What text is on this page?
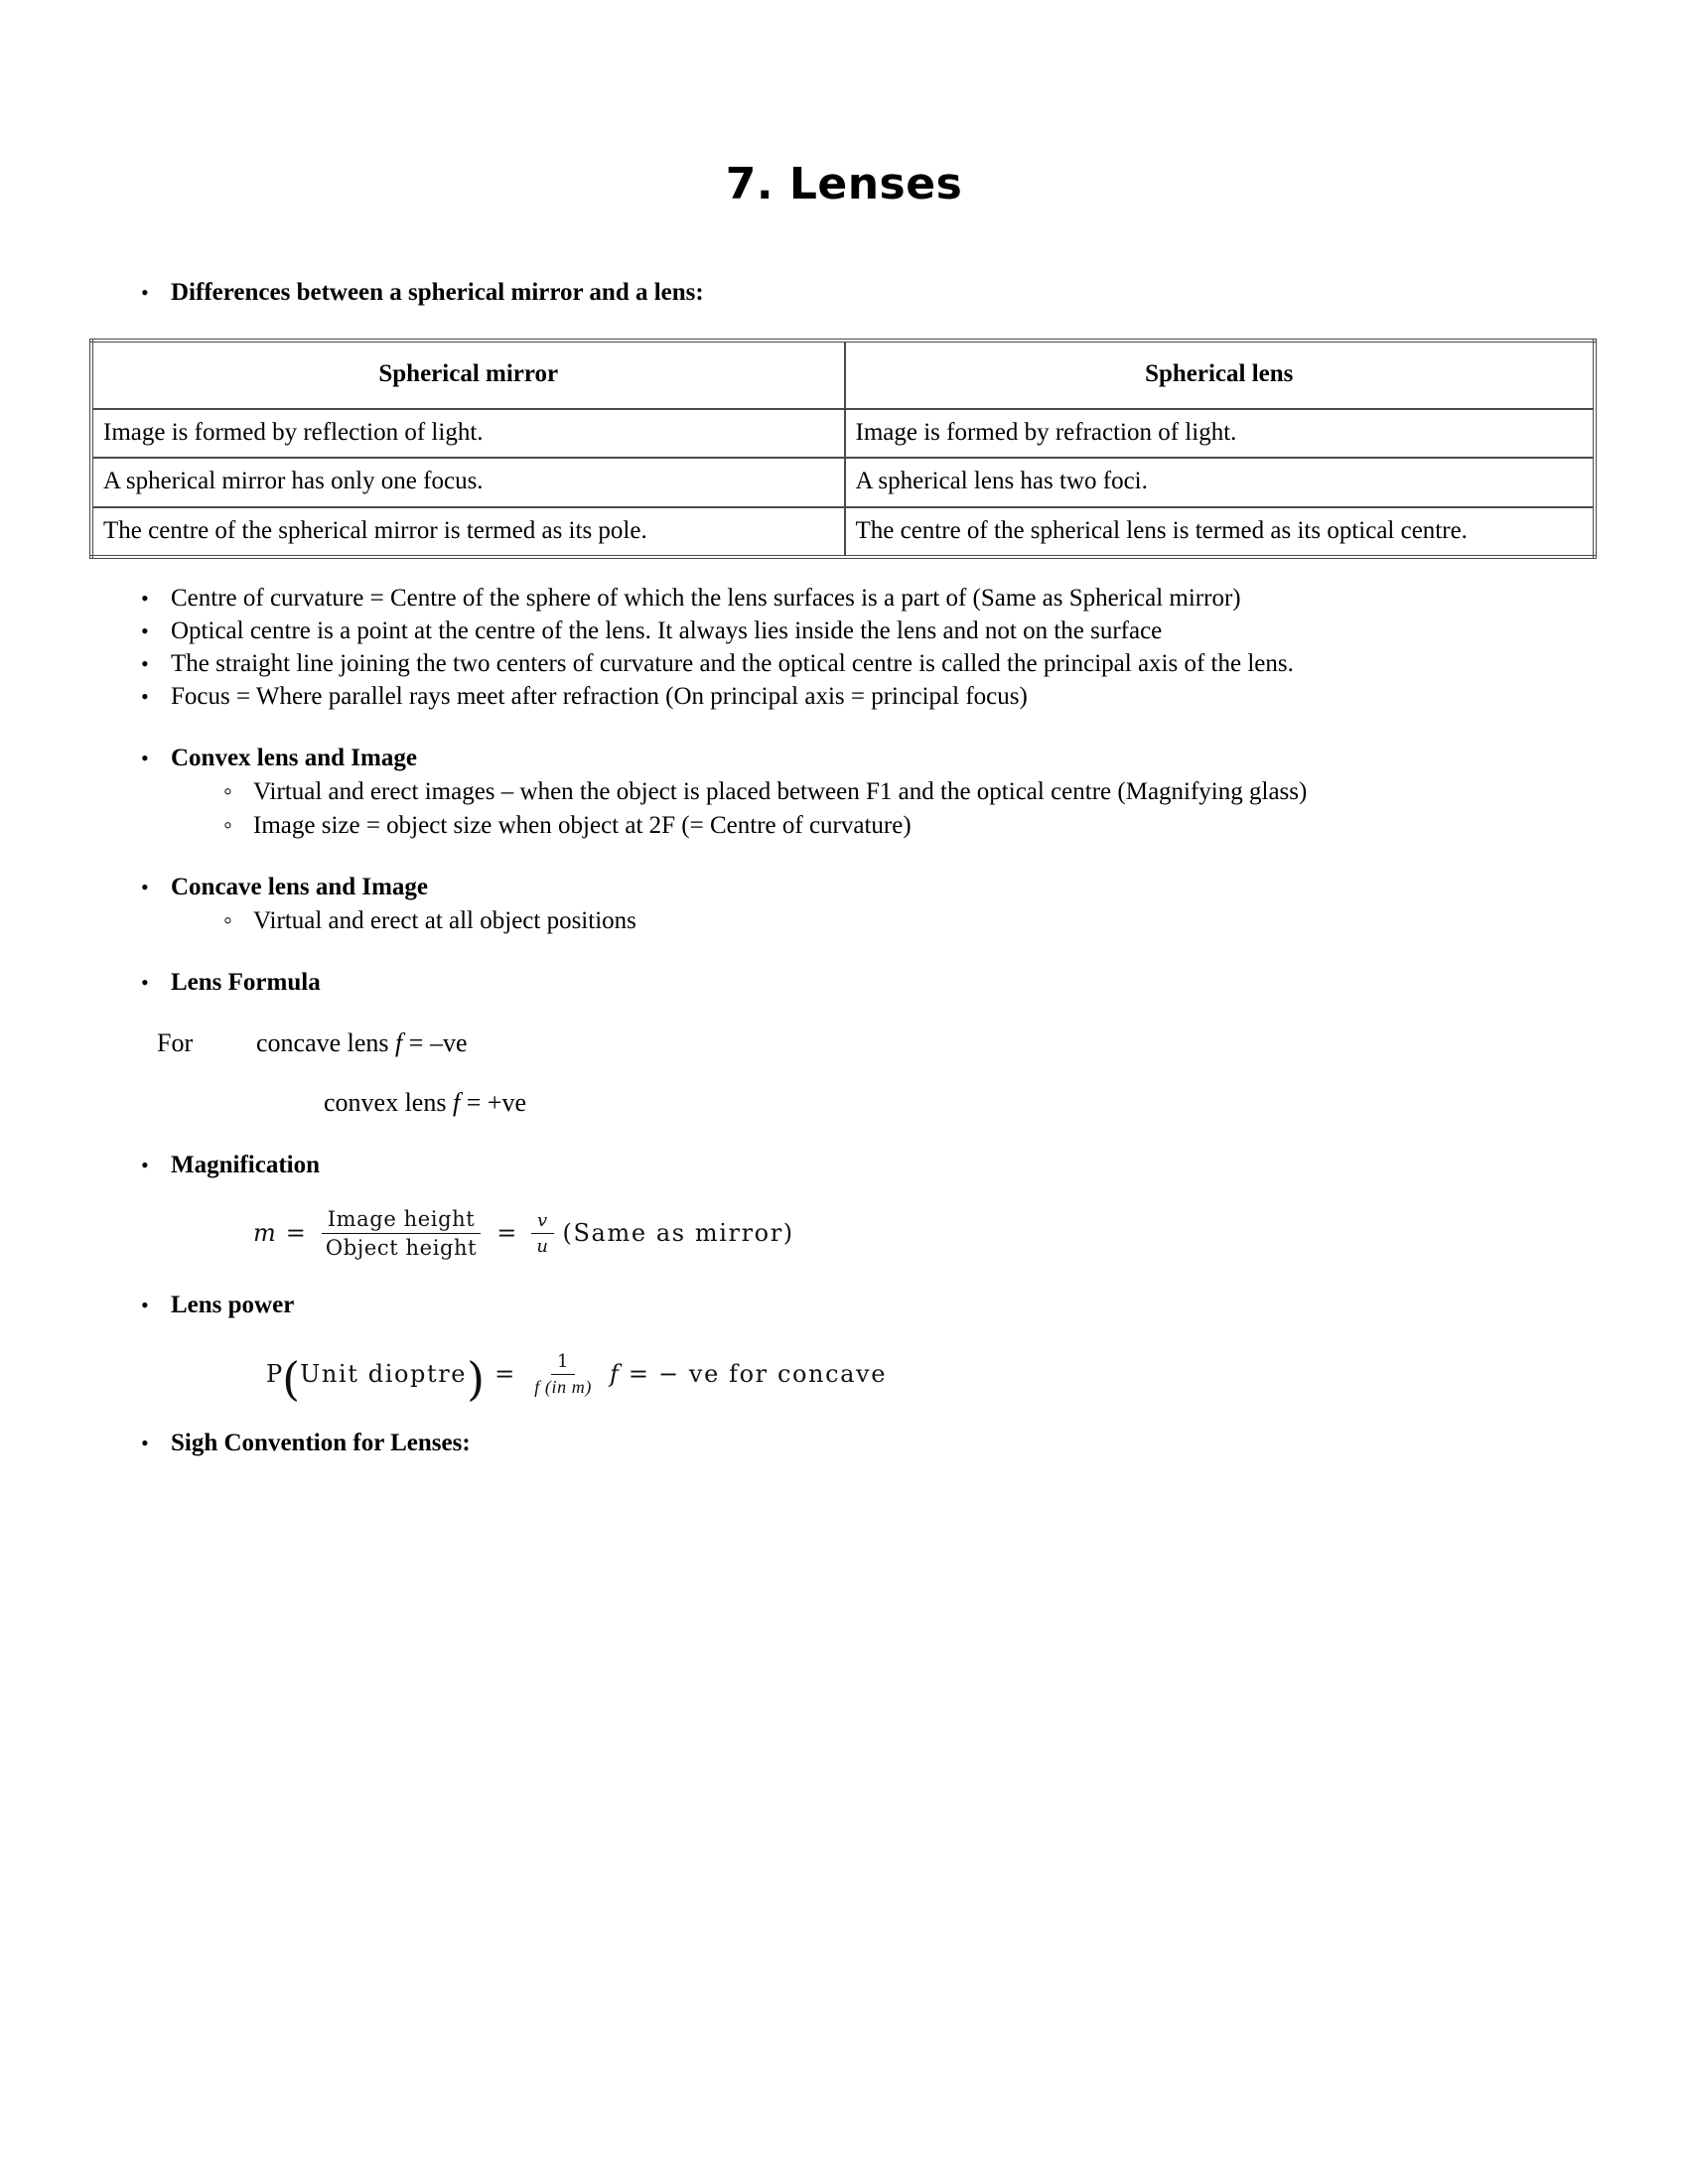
7. Lenses
•
Differences between a spherical mirror and a lens:
Spherical mirror	Spherical lens
Image is formed by reflection of light.	Image is formed by refraction of light.
A spherical mirror has only one focus.	A spherical lens has two foci.
The centre of the spherical mirror is termed as its pole.	The centre of the spherical lens is termed as its optical centre.
•
Centre of curvature = Centre of the sphere of which the lens surfaces is a part of (Same as Spherical mirror)
•
Optical centre is a point at the centre of the lens. It always lies inside the lens and not on the surface
•
The straight line joining the two centers of curvature and the optical centre is called the principal axis of the lens.
•
Focus = Where parallel rays meet after refraction (On principal axis = principal focus)
•
Convex lens and Image
◦
Virtual and erect images – when the object is placed between F1 and the optical centre (Magnifying glass)
◦
Image size = object size when object at 2F (= Centre of curvature)
•
Concave lens and Image
◦
Virtual and erect at all object positions
•
Lens Formula
For	concave lens f = –ve
convex lens f = +ve
•
Magnification
$m = \frac{\text{Image height}}{\text{Object height}} = \frac{v}{u}$ (Same as mirror)
•
Lens power
P ( Unit dioptre ) = $\frac{1}{\text{f (in m)}}$ f = − ve for concave
•
Sigh Convention for Lenses:
